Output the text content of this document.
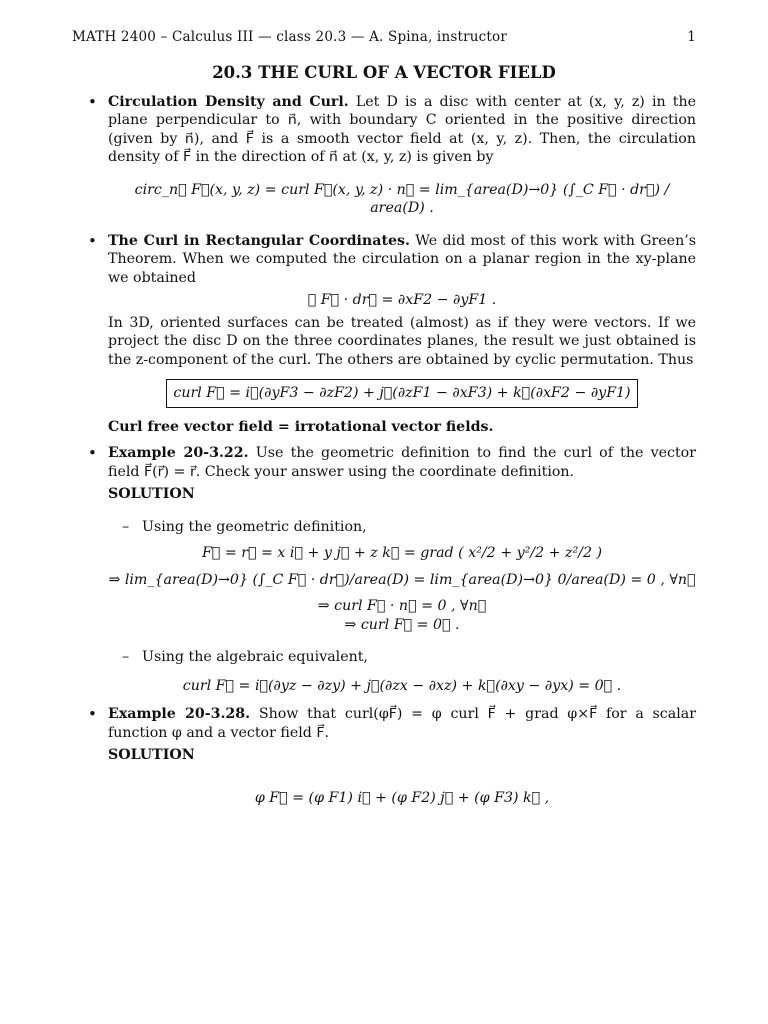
MATH 2400 – Calculus III — class 20.3 — A. Spina, instructor	1
20.3 THE CURL OF A VECTOR FIELD

• Circulation Density and Curl. Let D is a disc with center at (x, y, z) in the plane perpendicular to n⃗, with boundary C oriented in the positive direction (given by n⃗), and F⃗ is a smooth vector field at (x, y, z). Then, the circulation density of F⃗ in the direction of n⃗ at (x, y, z) is given by

circ_n⃗ F⃗(x, y, z) = curl F⃗(x, y, z) · n⃗ = lim_{area(D)→0} (∫_C F⃗ · dr⃗) / area(D) .

• The Curl in Rectangular Coordinates. We did most of this work with Green’s Theorem. When we computed the circulation on a planar region in the xy-plane we obtained

∮ F⃗ · dr⃗ = ∂xF2 − ∂yF1 .

In 3D, oriented surfaces can be treated (almost) as if they were vectors. If we project the disc D on the three coordinates planes, the result we just obtained is the z-component of the curl. The others are obtained by cyclic permutation. Thus

curl F⃗ = i⃗(∂yF3 − ∂zF2) + j⃗(∂zF1 − ∂xF3) + k⃗(∂xF2 − ∂yF1)

Curl free vector field = irrotational vector fields.

• Example 20-3.22. Use the geometric definition to find the curl of the vector field F⃗(r⃗) = r⃗. Check your answer using the coordinate definition.

SOLUTION
– Using the geometric definition,
F⃗ = r⃗ = x i⃗ + y j⃗ + z k⃗ = grad ( x²/2 + y²/2 + z²/2 )
⇒ lim_{area(D)→0} (∫_C F⃗ · dr⃗)/area(D) = lim_{area(D)→0} 0/area(D) = 0 , ∀n⃗
⇒ curl F⃗ · n⃗ = 0 , ∀n⃗
⇒ curl F⃗ = 0⃗ .
– Using the algebraic equivalent,
curl F⃗ = i⃗(∂yz − ∂zy) + j⃗(∂zx − ∂xz) + k⃗(∂xy − ∂yx) = 0⃗ .

• Example 20-3.28. Show that curl(φF⃗) = φ curl F⃗ + grad φ×F⃗ for a scalar function φ and a vector field F⃗.

SOLUTION
φ F⃗ = (φ F1) i⃗ + (φ F2) j⃗ + (φ F3) k⃗ ,
